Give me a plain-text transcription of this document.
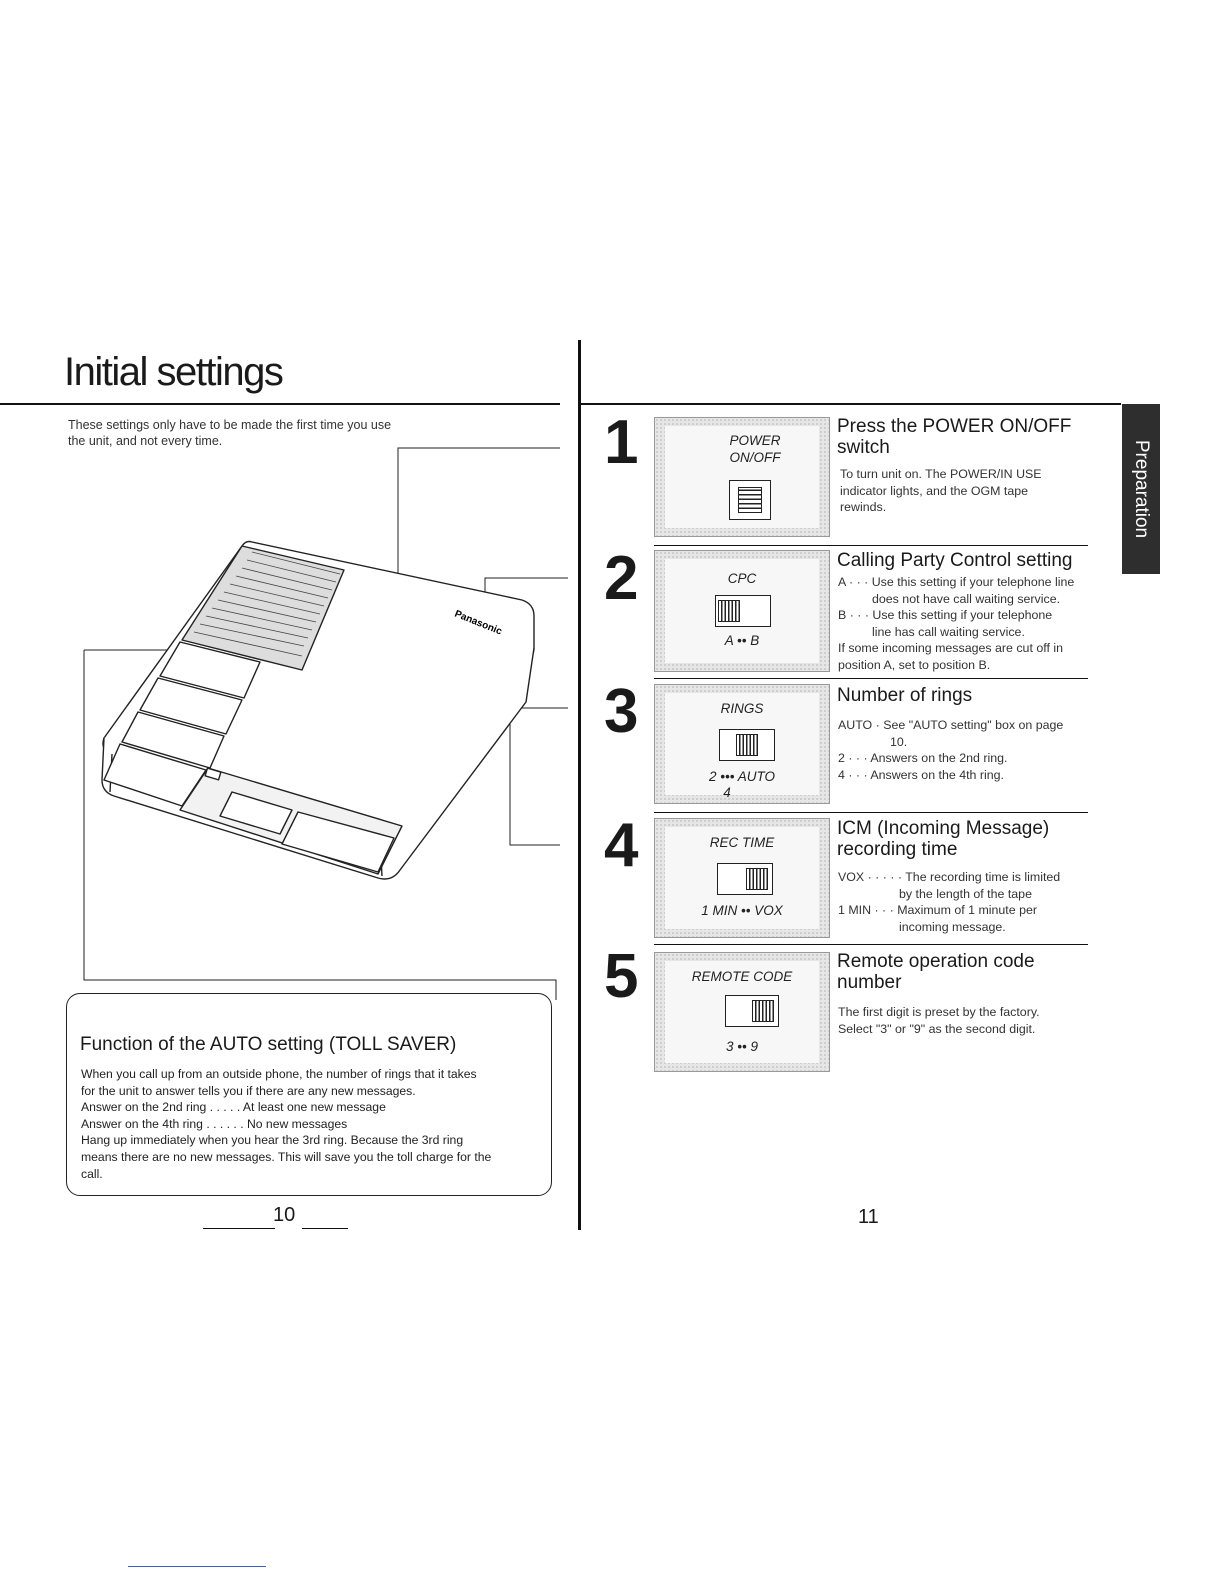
Initial settings
These settings only have to be made the first time you use the unit, and not every time.
Panasonic
Function of the AUTO setting (TOLL SAVER)
When you call up from an outside phone, the number of rings that it takes
for the unit to answer tells you if there are any new messages.
Answer on the 2nd ring . . . . . At least one new message
Answer on the 4th ring . . . . . . No new messages
Hang up immediately when you hear the 3rd ring. Because the 3rd ring
means there are no new messages. This will save you the toll charge for the
call.
10
Preparation
1	POWER ON/OFF
Press the POWER ON/OFF switch
To turn unit on. The POWER/IN USE
indicator lights, and the OGM tape
rewinds.
2	CPC
A •• B
Calling Party Control setting
A · · · Use this setting if your telephone line
does not have call waiting service.
B · · · Use this setting if your telephone
line has call waiting service.
If some incoming messages are cut off in
position A, set to position B.
3	RINGS
2 ••• AUTO
4
Number of rings
AUTO · See "AUTO setting" box on page
10.
2 · · · Answers on the 2nd ring.
4 · · · Answers on the 4th ring.
4	REC TIME
1 MIN •• VOX
ICM (Incoming Message) recording time
VOX · · · · · The recording time is limited
by the length of the tape
1 MIN · · · Maximum of 1 minute per
incoming message.
5	REMOTE CODE
3 •• 9
Remote operation code number
The first digit is preset by the factory.
Select "3" or "9" as the second digit.
11
